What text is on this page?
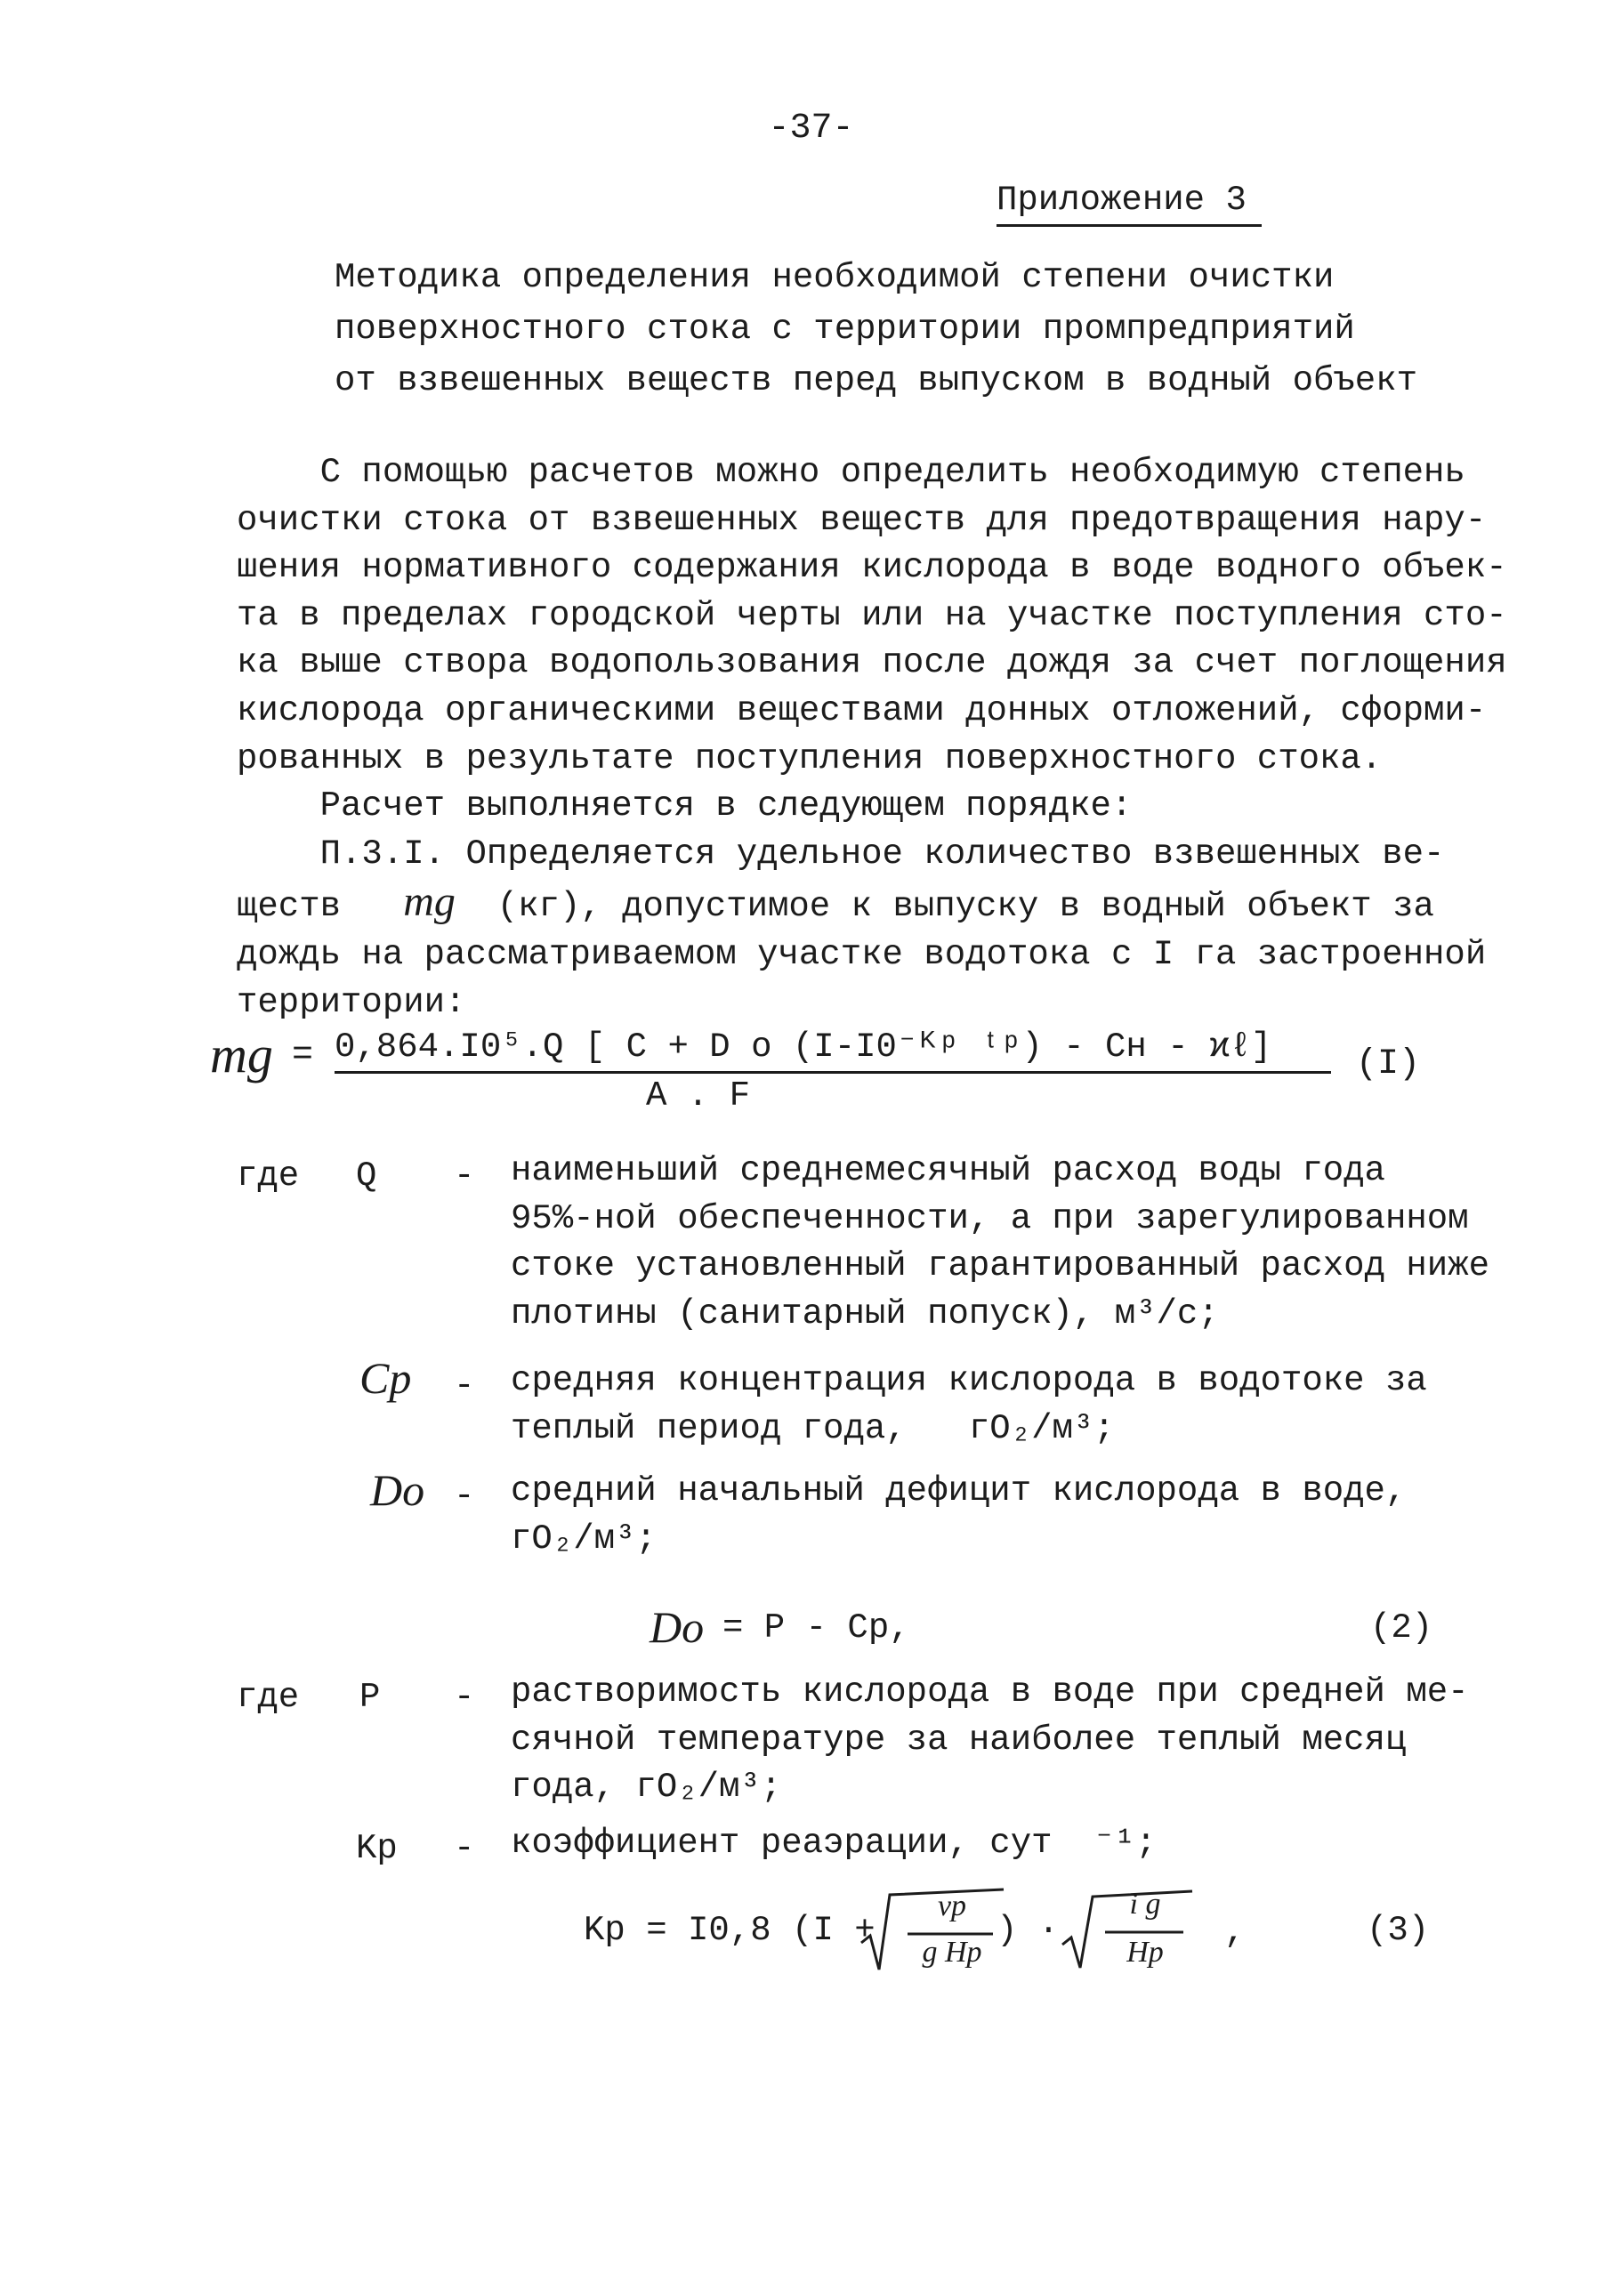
-37-
Приложение 3
Методика определения необходимой степени очистки
поверхностного стока с территории промпредприятий
от взвешенных веществ перед выпуском в водный объект
С помощью расчетов можно определить необходимую степень
очистки стока от взвешенных веществ для предотвращения нару-
шения нормативного содержания кислорода в воде водного объек-
та в пределах городской черты или на участке поступления сто-
ка выше створа водопользования после дождя за счет поглощения
кислорода органическими веществами донных отложений, сформи-
рованных в результате поступления поверхностного стока.
Расчет выполняется в следующем порядке:
П.3.I. Определяется удельное количество взвешенных ве-
ществ mg (кг), допустимое к выпуску в водный объект за
дождь на рассматриваемом участке водотока с I га застроенной
территории:
mg = 0,864.I0⁵.Q [ C + D o (I-I0⁻ᴷᵖ ᵗᵖ) - Cн - ϰℓ]
A . F
(I)
где Q - наименьший среднемесячный расход воды года
95%-ной обеспеченности, а при зарегулированном
стоке установленный гарантированный расход ниже
плотины (санитарный попуск), м³/с;
Cp - средняя концентрация кислорода в водотоке за
теплый период года,   гO₂/м³;
Do - средний начальный дефицит кислорода в воде,
гO₂/м³;
Do = P - Cp,	(2)
где P - растворимость кислорода в воде при средней ме-
сячной температуре за наиболее теплый месяц
года, гO₂/м³;
Kp - коэффициент реаэрации, сут  ⁻¹;
Kp = I0,8 (I +
vp
g Hp
) ·
i g
Hp
,	(3)
